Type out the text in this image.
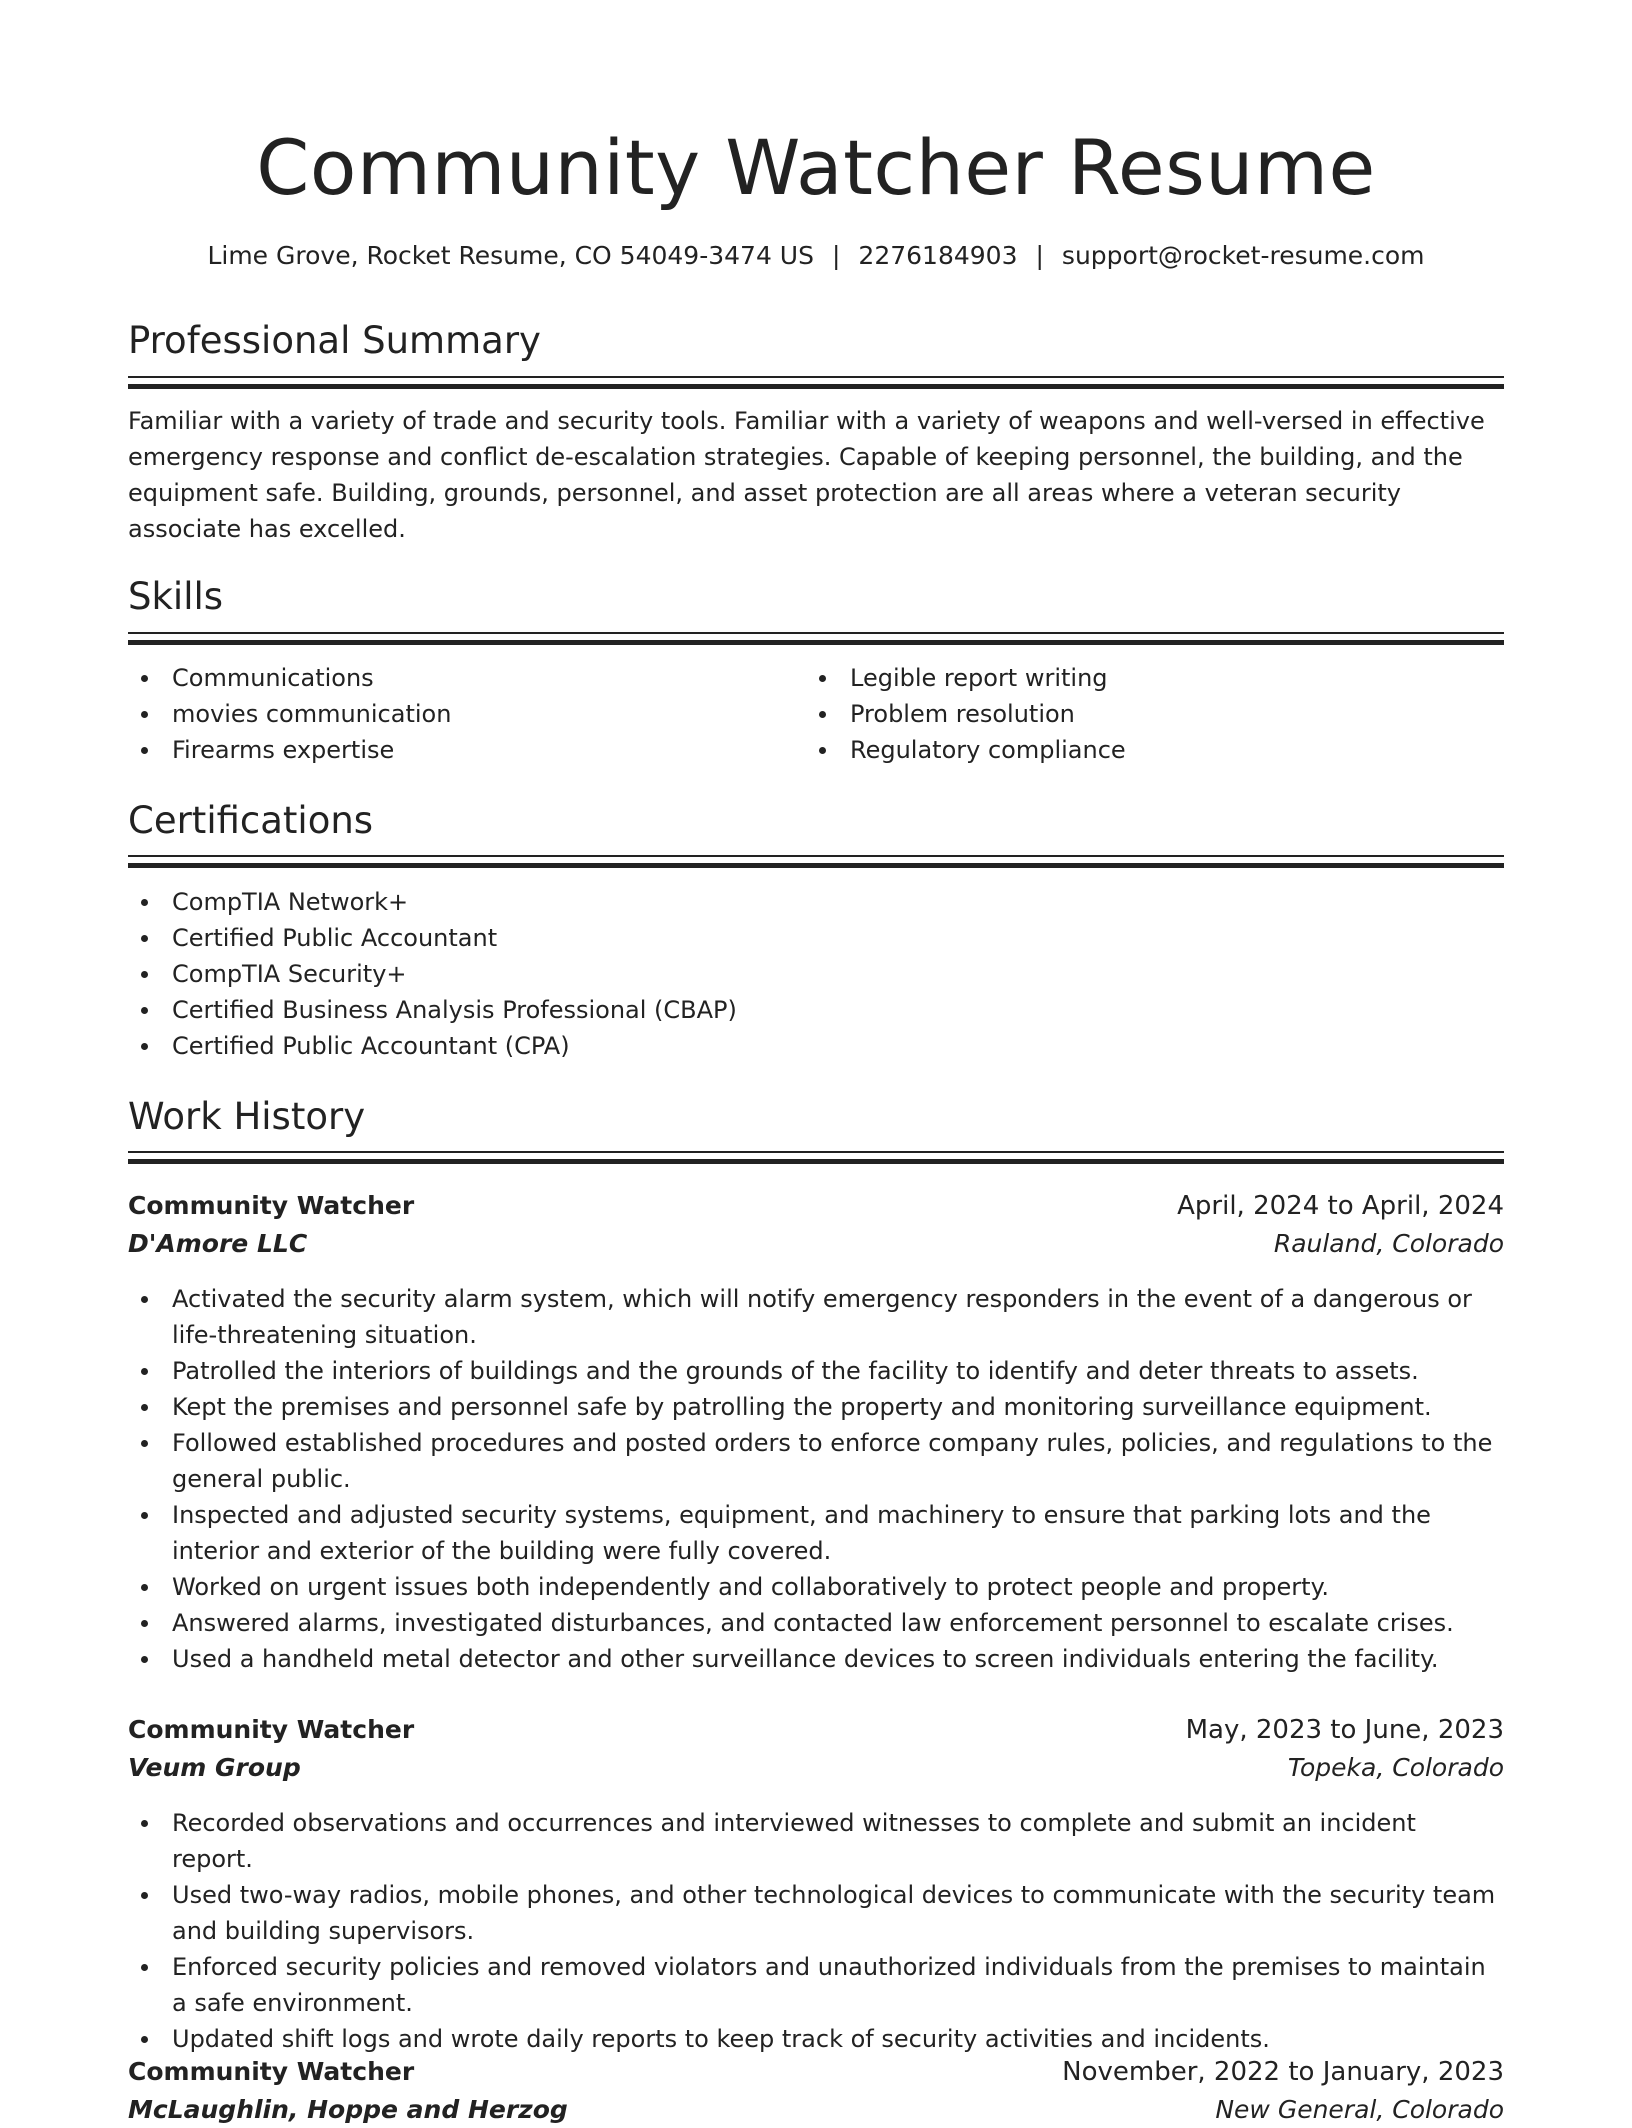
Community Watcher Resume
Lime Grove, Rocket Resume, CO 54049-3474 US | 2276184903 | support@rocket-resume.com
Professional Summary

Familiar with a variety of trade and security tools. Familiar with a variety of weapons and well-versed in effective emergency response and conflict de-escalation strategies. Capable of keeping personnel, the building, and the equipment safe. Building, grounds, personnel, and asset protection are all areas where a veteran security associate has excelled.

Skills
Communications
movies communication
Firearms expertise
Legible report writing
Problem resolution
Regulatory compliance
Certifications
CompTIA Network+
Certified Public Accountant
CompTIA Security+
Certified Business Analysis Professional (CBAP)
Certified Public Accountant (CPA)
Work History
Community Watcher	April, 2024 to April, 2024
D'Amore LLC	Rauland, Colorado
Activated the security alarm system, which will notify emergency responders in the event of a dangerous or life-threatening situation.
Patrolled the interiors of buildings and the grounds of the facility to identify and deter threats to assets.
Kept the premises and personnel safe by patrolling the property and monitoring surveillance equipment.
Followed established procedures and posted orders to enforce company rules, policies, and regulations to the general public.
Inspected and adjusted security systems, equipment, and machinery to ensure that parking lots and the interior and exterior of the building were fully covered.
Worked on urgent issues both independently and collaboratively to protect people and property.
Answered alarms, investigated disturbances, and contacted law enforcement personnel to escalate crises.
Used a handheld metal detector and other surveillance devices to screen individuals entering the facility.
Community Watcher	May, 2023 to June, 2023
Veum Group	Topeka, Colorado
Recorded observations and occurrences and interviewed witnesses to complete and submit an incident report.
Used two-way radios, mobile phones, and other technological devices to communicate with the security team and building supervisors.
Enforced security policies and removed violators and unauthorized individuals from the premises to maintain a safe environment.
Updated shift logs and wrote daily reports to keep track of security activities and incidents.
Community Watcher	November, 2022 to January, 2023
McLaughlin, Hoppe and Herzog	New General, Colorado
